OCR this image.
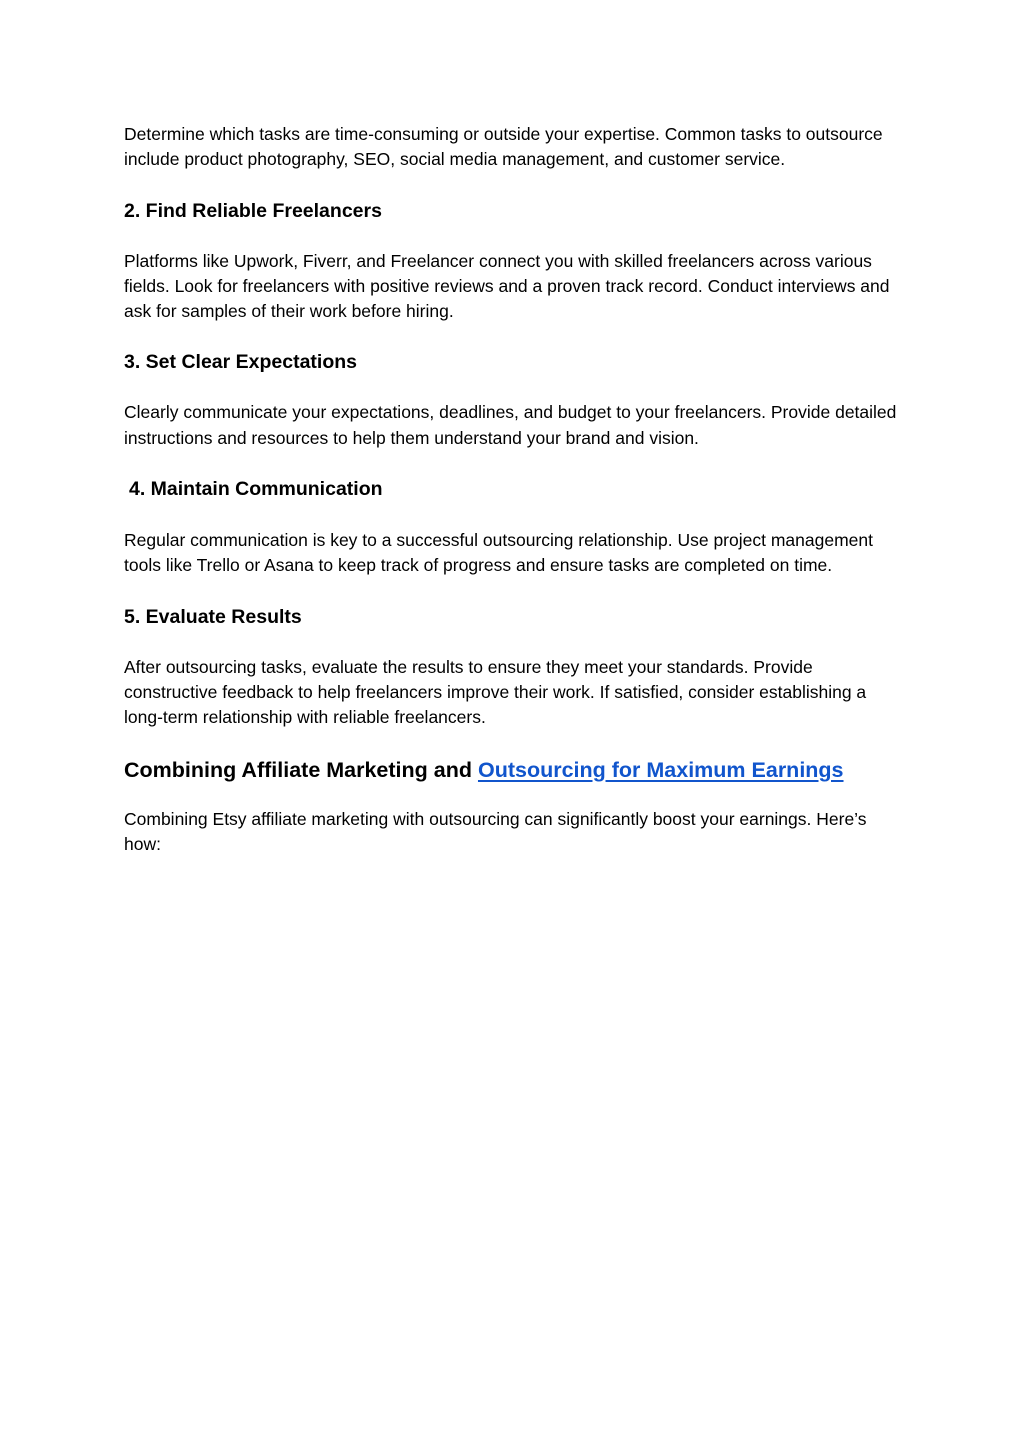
Determine which tasks are time-consuming or outside your expertise. Common tasks to outsource include product photography, SEO, social media management, and customer service.

2. Find Reliable Freelancers

Platforms like Upwork, Fiverr, and Freelancer connect you with skilled freelancers across various fields. Look for freelancers with positive reviews and a proven track record. Conduct interviews and ask for samples of their work before hiring.

3. Set Clear Expectations

Clearly communicate your expectations, deadlines, and budget to your freelancers. Provide detailed instructions and resources to help them understand your brand and vision.

4. Maintain Communication

Regular communication is key to a successful outsourcing relationship. Use project management tools like Trello or Asana to keep track of progress and ensure tasks are completed on time.

5. Evaluate Results

After outsourcing tasks, evaluate the results to ensure they meet your standards. Provide constructive feedback to help freelancers improve their work. If satisfied, consider establishing a long-term relationship with reliable freelancers.

Combining Affiliate Marketing and Outsourcing for Maximum Earnings

Combining Etsy affiliate marketing with outsourcing can significantly boost your earnings. Here’s how:
